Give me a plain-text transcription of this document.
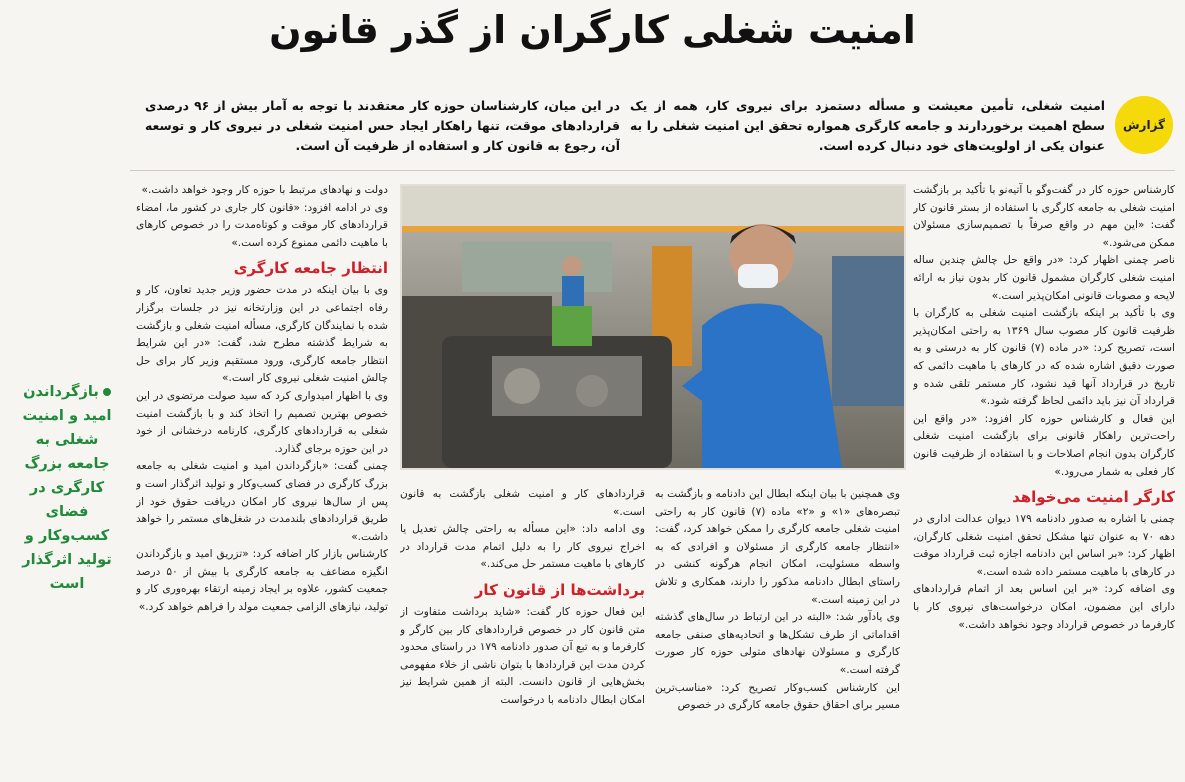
امنیت شغلی کارگران از گذر قانون
گزارش
امنیت شغلی، تأمین معیشت و مسأله دستمزد برای نیروی کار، همه از یک سطح اهمیت برخوردارند و جامعه کارگری همواره تحقق این امنیت شغلی را به عنوان یکی از اولویت‌های خود دنبال کرده است.
در این میان، کارشناسان حوزه کار معتقدند با توجه به آمار بیش از ۹۶ درصدی قراردادهای موقت، تنها راهکار ایجاد حس امنیت شغلی در نیروی کار و توسعه آن، رجوع به قانون کار و استفاده از ظرفیت آن است.

کارشناس حوزه کار در گفت‌وگو با آتیه‌نو با تأکید بر بازگشت امنیت شغلی به جامعه کارگری با استفاده از بستر قانون کار گفت: «این مهم در واقع صرفاً با تصمیم‌سازی مسئولان ممکن می‌شود.»

ناصر چمنی اظهار کرد: «در واقع حل چالش چندین ساله امنیت شغلی کارگران مشمول قانون کار بدون نیاز به ارائه لایحه و مصوبات قانونی امکان‌پذیر است.»

وی با تأکید بر اینکه بازگشت امنیت شغلی به کارگران با ظرفیت قانون کار مصوب سال ۱۳۶۹ به راحتی امکان‌پذیر است، تصریح کرد: «در ماده (۷) قانون کار به درستی و به صورت دقیق اشاره شده که در کارهای با ماهیت دائمی که تاریخ در قرارداد آنها قید نشود، کار مستمر تلقی شده و قرارداد آن نیز باید دائمی لحاظ گرفته شود.»

این فعال و کارشناس حوزه کار افزود: «در واقع این راحت‌ترین راهکار قانونی برای بازگشت امنیت شغلی کارگران بدون انجام اصلاحات و با استفاده از ظرفیت قانون کار فعلی به شمار می‌رود.»

کارگر امنیت می‌خواهد

چمنی با اشاره به صدور دادنامه ۱۷۹ دیوان عدالت اداری در دهه ۷۰ به عنوان تنها مشکل تحقق امنیت شغلی کارگران، اظهار کرد: «بر اساس این دادنامه اجازه ثبت قرارداد موقت در کارهای با ماهیت مستمر داده شده است.»

وی اضافه کرد: «بر این اساس بعد از اتمام قراردادهای دارای این مضمون، امکان درخواست‌های نیروی کار با کارفرما در خصوص قرارداد وجود نخواهد داشت.»

وی همچنین با بیان اینکه ابطال این دادنامه و بازگشت به تبصره‌های «۱» و «۲» ماده (۷) قانون کار به راحتی امنیت شغلی جامعه کارگری را ممکن خواهد کرد، گفت: «انتظار جامعه کارگری از مسئولان و افرادی که به واسطه مسئولیت، امکان انجام هرگونه کنشی در راستای ابطال دادنامه مذکور را دارند، همکاری و تلاش در این زمینه است.»

وی یادآور شد: «البته در این ارتباط در سال‌های گذشته اقداماتی از طرف تشکل‌ها و اتحادیه‌های صنفی جامعه کارگری و مسئولان نهادهای متولی حوزه کار صورت گرفته است.»

این کارشناس کسب‌وکار تصریح کرد: «مناسب‌ترین مسیر برای احقاق حقوق جامعه کارگری در خصوص

قراردادهای کار و امنیت شغلی بازگشت به قانون است.»

وی ادامه داد: «این مسأله به راحتی چالش تعدیل یا اخراج نیروی کار را به دلیل اتمام مدت قرارداد در کارهای با ماهیت مستمر حل می‌کند.»

برداشت‌ها از قانون کار

این فعال حوزه کار گفت: «شاید برداشت متفاوت از متن قانون کار در خصوص قراردادهای کار بین کارگر و کارفرما و به تبع آن صدور دادنامه ۱۷۹ در راستای محدود کردن مدت این قراردادها با بتوان ناشی از خلاء مفهومی بخش‌هایی از قانون دانست. البته از همین شرایط نیز امکان ابطال دادنامه با درخواست

دولت و نهادهای مرتبط با حوزه کار وجود خواهد داشت.»

وی در ادامه افزود: «قانون کار جاری در کشور ما، امضاء قراردادهای کار موقت و کوتاه‌مدت را در خصوص کارهای با ماهیت دائمی ممنوع کرده است.»

انتظار جامعه کارگری

وی با بیان اینکه در مدت حضور وزیر جدید تعاون، کار و رفاه اجتماعی در این وزارتخانه نیز در جلسات برگزار شده با نمایندگان کارگری، مسأله امنیت شغلی و بازگشت به شرایط گذشته مطرح شد، گفت: «در این شرایط انتظار جامعه کارگری، ورود مستقیم وزیر کار برای حل چالش امنیت شغلی نیروی کار است.»

وی با اظهار امیدواری کرد که سید صولت مرتضوی در این خصوص بهترین تصمیم را اتخاذ کند و با بازگشت امنیت شغلی به قراردادهای کارگری، کارنامه درخشانی از خود در این حوزه برجای گذارد.

چمنی گفت: «بازگرداندن امید و امنیت شغلی به جامعه بزرگ کارگری در فضای کسب‌وکار و تولید اثرگذار است و پس از سال‌ها نیروی کار امکان دریافت حقوق خود از طریق قراردادهای بلندمدت در شغل‌های مستمر را خواهد داشت.»

کارشناس بازار کار اضافه کرد: «تزریق امید و بازگرداندن انگیزه مضاعف به جامعه کارگری با بیش از ۵۰ درصد جمعیت کشور، علاوه بر ایجاد زمینه ارتقاء بهره‌وری کار و تولید، نیازهای الزامی جمعیت مولد را فراهم خواهد کرد.»

بازگرداندن امید و امنیت شغلی به جامعه بزرگ کارگری در فضای کسب‌وکار و تولید اثرگذار است
